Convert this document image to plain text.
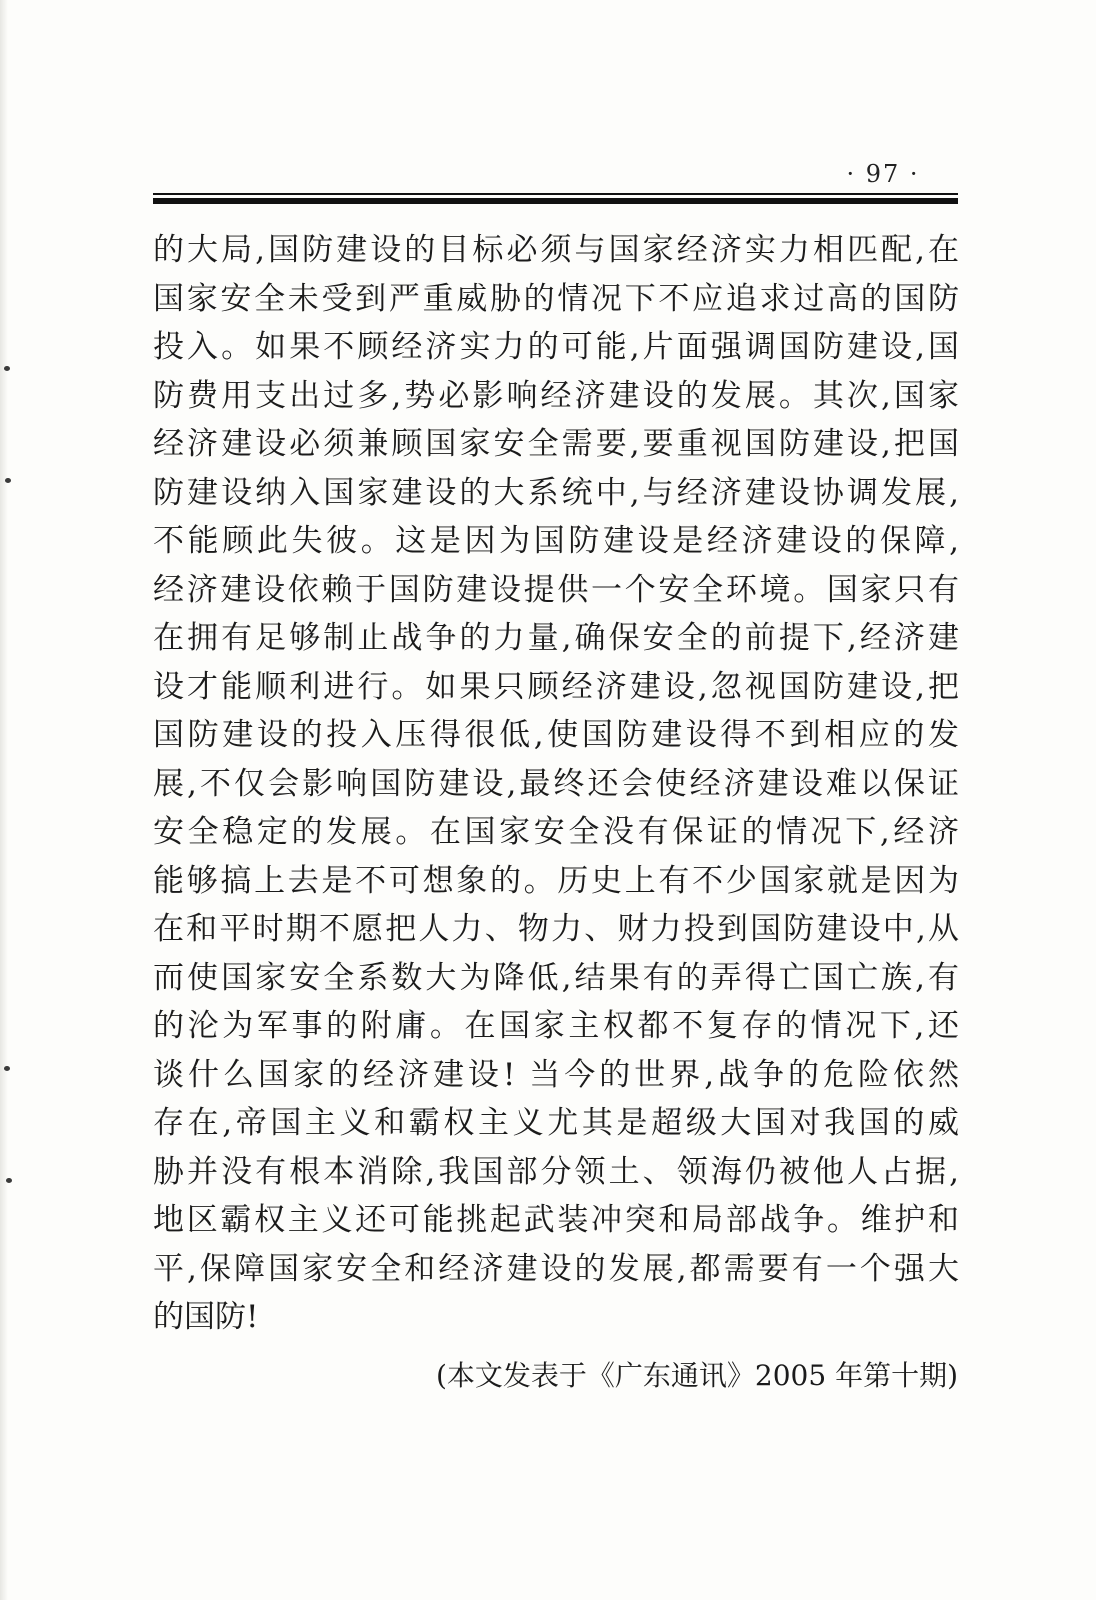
· 97 ·
的大局,国防建设的目标必须与国家经济实力相匹配,在
国家安全未受到严重威胁的情况下不应追求过高的国防
投入。如果不顾经济实力的可能,片面强调国防建设,国
防费用支出过多,势必影响经济建设的发展。其次,国家
经济建设必须兼顾国家安全需要,要重视国防建设,把国
防建设纳入国家建设的大系统中,与经济建设协调发展,
不能顾此失彼。这是因为国防建设是经济建设的保障,
经济建设依赖于国防建设提供一个安全环境。国家只有
在拥有足够制止战争的力量,确保安全的前提下,经济建
设才能顺利进行。如果只顾经济建设,忽视国防建设,把
国防建设的投入压得很低,使国防建设得不到相应的发
展,不仅会影响国防建设,最终还会使经济建设难以保证
安全稳定的发展。在国家安全没有保证的情况下,经济
能够搞上去是不可想象的。历史上有不少国家就是因为
在和平时期不愿把人力、物力、财力投到国防建设中,从
而使国家安全系数大为降低,结果有的弄得亡国亡族,有
的沦为军事的附庸。在国家主权都不复存的情况下,还
谈什么国家的经济建设! 当今的世界,战争的危险依然
存在,帝国主义和霸权主义尤其是超级大国对我国的威
胁并没有根本消除,我国部分领土、领海仍被他人占据,
地区霸权主义还可能挑起武装冲突和局部战争。维护和
平,保障国家安全和经济建设的发展,都需要有一个强大
的国防!
(本文发表于《广东通讯》2005 年第十期)
